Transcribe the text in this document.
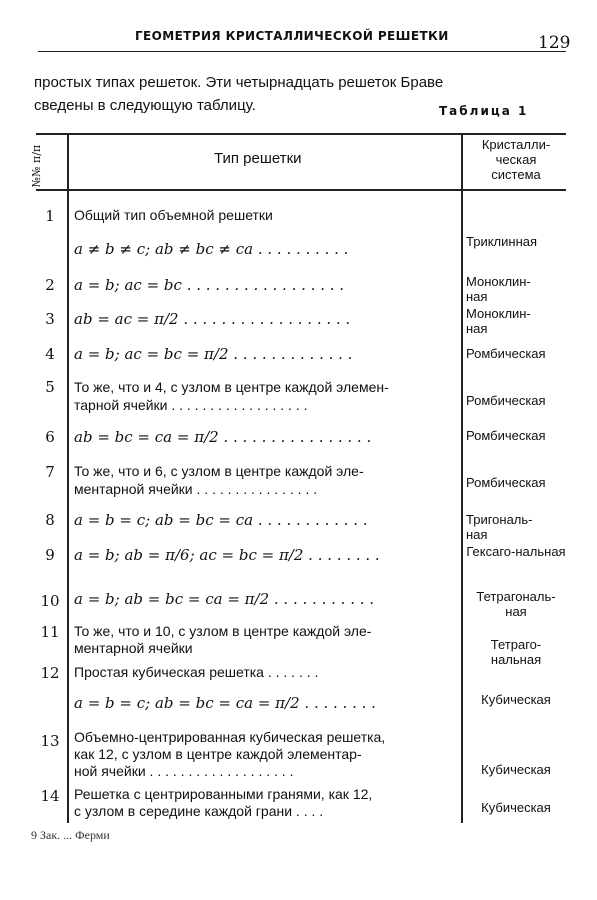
ГЕОМЕТРИЯ КРИСТАЛЛИЧЕСКОЙ РЕШЕТКИ	129
простых типах решеток. Эти четырнадцать решеток Браве
сведены в следующую таблицу.	Таблица 1
№№ п/п	Тип решетки
Кристалли-
ческая
система
1	Общий тип объемной решетки
a ≠ b ≠ c; ab ≠ bc ≠ ca . . . . . . . . . .	Триклинная
2	a = b; ac = bc . . . . . . . . . . . . . . . . .	Моноклин-ная
3	ab = ac = π/2 . . . . . . . . . . . . . . . . . .	Моноклин-ная
4	a = b; ac = bc = π/2 . . . . . . . . . . . . .	Ромбическая
5	То же, что и 4, с узлом в центре каждой элемен-
тарной ячейки . . . . . . . . . . . . . . . . . .	Ромбическая
6	ab = bc = ca = π/2 . . . . . . . . . . . . . . . .	Ромбическая
7	То же, что и 6, с узлом в центре каждой эле-
ментарной ячейки . . . . . . . . . . . . . . . .	Ромбическая
8	a = b = c; ab = bc = ca . . . . . . . . . . . .	Тригональ-ная
9	a = b; ab = π/6; ac = bc = π/2 . . . . . . . .	Гексаго-нальная
10 a = b; ab = bc = ca = π/2 . . . . . . . . . . .	Тетрагональ-ная
11	То же, что и 10, с узлом в центре каждой эле-
ментарной ячейки	Тетраго-нальная
12	Простая кубическая решетка . . . . . . .
a = b = c; ab = bc = ca = π/2 . . . . . . . .	Кубическая
13	Объемно-центрированная кубическая решетка,
как 12, с узлом в центре каждой элементар-
ной ячейки . . . . . . . . . . . . . . . . . . .	Кубическая
14	Решетка с центрированными гранями, как 12,
с узлом в середине каждой грани . . . .	Кубическая
9 Зак. ... Ферми
